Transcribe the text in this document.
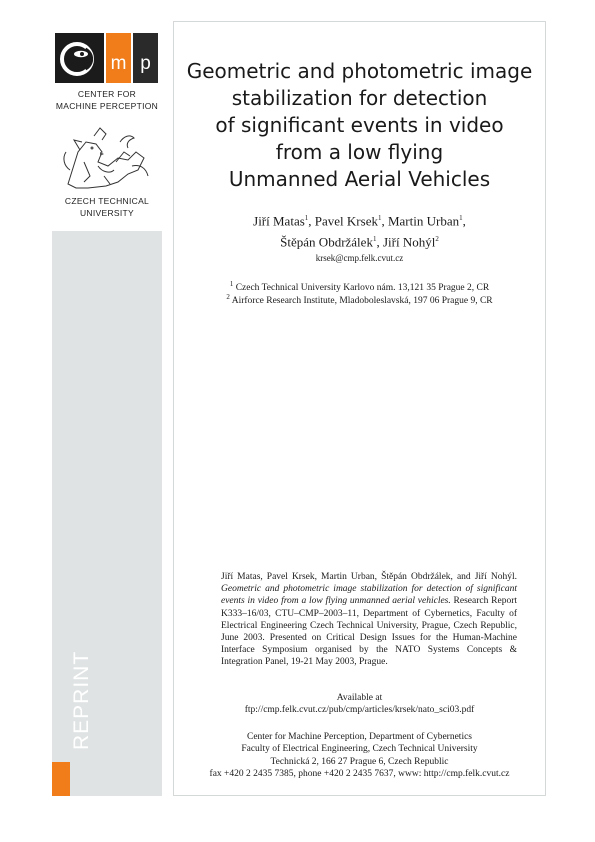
REPRINT
m p
CENTER FOR
MACHINE PERCEPTION
CZECH TECHNICAL
UNIVERSITY
Geometric and photometric image
stabilization for detection
of significant events in video
from a low flying
Unmanned Aerial Vehicles
Jiří Matas$^1$, Pavel Krsek$^1$, Martin Urban$^1$,
Štěpán Obdržálek$^1$, Jiří Nohýl$^2$
krsek@cmp.felk.cvut.cz
$^1$ Czech Technical University Karlovo nám. 13,121 35 Prague 2, CR
$^2$ Airforce Research Institute, Mladoboleslavská, 197 06 Prague 9, CR
Jiří Matas, Pavel Krsek, Martin Urban, Štěpán Obdržálek, and Jiří Nohýl. Geometric and photometric image stabilization for detection of significant events in video from a low flying unmanned aerial vehicles. Research Report K333–16/03, CTU–CMP–2003–11, Department of Cybernetics, Faculty of Electrical Engineering Czech Technical University, Prague, Czech Republic, June 2003. Presented on Critical Design Issues for the Human-Machine Interface Symposium organised by the NATO Systems Concepts & Integration Panel, 19-21 May 2003, Prague.
Available at
ftp://cmp.felk.cvut.cz/pub/cmp/articles/krsek/nato_sci03.pdf
Center for Machine Perception, Department of Cybernetics
Faculty of Electrical Engineering, Czech Technical University
Technická 2, 166 27 Prague 6, Czech Republic
fax +420 2 2435 7385, phone +420 2 2435 7637, www: http://cmp.felk.cvut.cz
